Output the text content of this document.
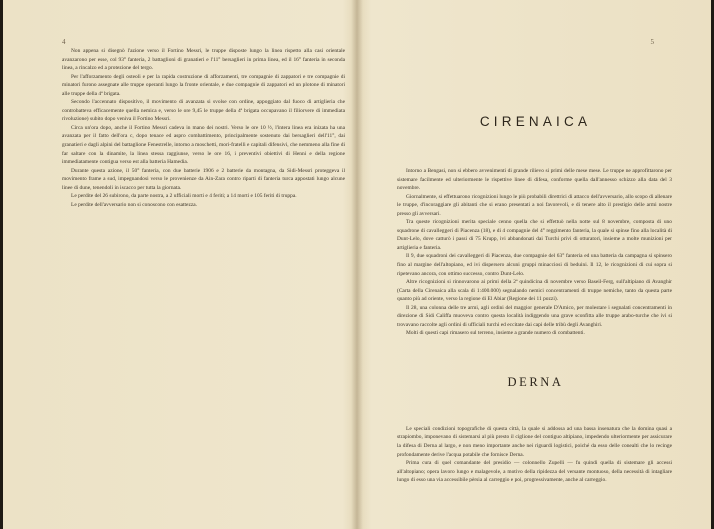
4

Non appena si disegnò l'azione verso il Fortino Messri, le truppe disposte lungo la linea rispetto alla casi orientale avanzarono per esse, col 93° fanteria, 2 battaglioni di granatieri e l'11° bersaglieri in prima linea, ed il 16° fanteria in seconda linea, a rincalzo ed a protezione del tergo.

Per l'afforzamento degli osteoli e per la rapida costruzione di afforzamenti, tre compagnie di zappatori e tre compagnie di minatori furono assegnate alle truppe operanti lungo la fronte orientale, e due compagnie di zappatori ed un plotone di minatori alle truppe della 4ª brigata.

Secondo l'accennato dispositivo, il movimento di avanzata si svolse con ordine, appoggiato dal fuoco di artiglieria che controbatteva efficacemente quella nemica e, verso le ore 9,45 le truppe della 4ª brigata occupavano il filiorvere di immediata rivoluzione) subito dopo veniva il Fortino Messri.

Circa un'ora dopo, anche il Fortino Messri cadeva in mano dei nostri. Verso le ore 10 ½, l'intera linea era inizata ha una avanzata per il fatto dell'ora c, dopo tenace ed aspro combattimento, principalmente sostenuto dai bersaglieri dell'11°, dai granatieri e dagli alpini del battaglione Fenestrelle, intorno a moschetti, mori-fratelli e capitali difensivi, che nemmeno alla fine di far saltare con la dinamite, la linea stessa raggiunse, verso le ore 16, i preventivi obiettivi di Henni e della regione immediatamente contigua verso est alla batteria Hamedia.

Durante questa azione, il 50° fanteria, con due batterie 1906 e 2 batterie da montagna, da Sidi-Messri proteggeva il movimento frame a sud, impegnandosi verso le provenienze da Ain-Zara contro riparti di fanteria turca appostati lungo alcune linee di dune, tenendoli in iscacco per tutta la giornata.

Le perdite del 26 subirono, da parte nostra, a 2 ufficiali morti e 4 feriti; a 14 morti e 105 feriti di truppa.

Le perdite dell'avversario non si conoscono con esattezza.

5
CIRENAICA

Intorno a Bengasi, non si ebbero avvenimenti di grande rilievo si primi delle mese mese. Le truppe ne approfittarono per sistemare facilmente ed ulteriormente le rispettive linee di difesa, conforme quella dall'annesso schizzo alla data del 3 novembre.

Giornalmente, si effettuarono ricognizioni lungo le più probabili direttrici di attacco dell'avversario, allo scopo di allenare le truppe, d'incoraggiare gli abitanti che si erano presentati a noi favorevoli, e di tenere alto il prestigio delle armi nostre presso gli avversari.

Tra queste ricognizioni merita speciale cenno quella che si effettuò nella notte sul 8 novembre, composta di uno squadrone di cavalleggeri di Piacenza (18), e di 4 compagnie del 4° reggimento fanteria, la quale si spinse fino alla località di Dunt-Lelo, dove catturò i passi di 75 Krupp, ivi abbandonati dai Turchi privi di otturatori, insieme a molte munizioni per artiglieria e fanteria.

Il 9, due squadroni dei cavalleggeri di Piacenza, due compagnie del 63° fanteria ed una batteria da campagna si spinsero fino al margine dell'altopiano, ed ivi dispersero alcuni gruppi minacciosi di beduini. Il 12, le ricognizioni di cui sopra si ripetevano ancora, con ottimo successo, contro Dunt-Lelo.

Altre ricognizioni si rinnovarono ai primi della 2ª quindicina di novembre verso Baseil-Ferg, sull'altipiano di Avanghir (Carta della Cirenaica alla scala di 1:400.000) segnalando nemici concentramenti di truppe nemiche, tanto da questa parte quanto più ad oriente, verso la regione di El Abiar (Regione dei 11 pozzi).

Il 28, una colonna delle tre armi, agli ordini del maggior generale D'Amico, per molestare i segnalati concentramenti in direzione di Sidi Califfa muoveva contro questa località indiggendo una grave sconfitta alle truppe arabo-turche che ivi si trovavano raccolte agli ordini di ufficiali turchi ed eccitate dai capi delle tribù degli Avanghiri.

Molti di questi capi rimasero sul terreno, insieme a grande numero di combattenti.

DERNA

Le speciali condizioni topografiche di questa città, la quale si addossa ad una bassa insenatura che la domina quasi a strapiombo, imponevano di sistemarsi al più presto il ciglione del contiguo altipiano, impedendo ulteriormente per assicurare la difesa di Derna al largo, e non meno importante anche nei riguardi logistici, poiché da esso delle conealti che lo recinge profondamente derive l'acqua potabile che fornisce Derna.

Prima cura di quel comandante del presidio — colonnello Zupelli — fu quindi quella di sistemare gli accessi all'altopiano; opera lavoro lungo e malagevole, a motivo della ripidezza del versante montuoso, della necessità di intagliare lungo di esso una via accessibile pèrsia al carreggio e poi, progressivamente, anche al carreggio.
